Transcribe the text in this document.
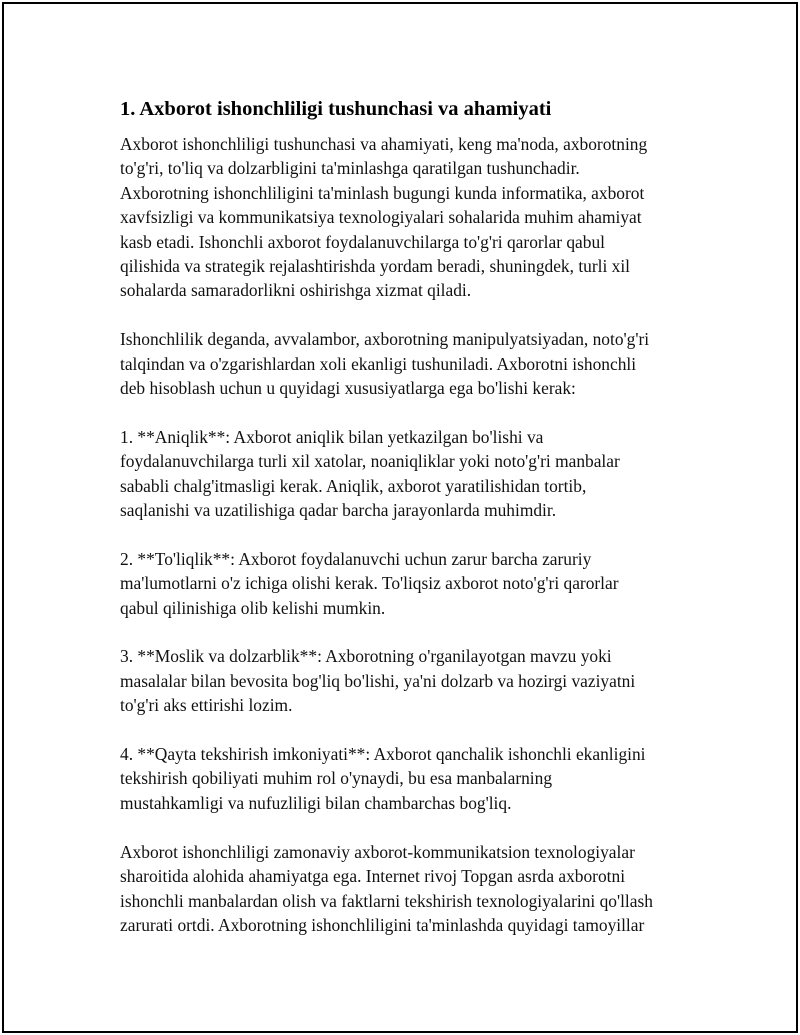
1. Axborot ishonchliligi tushunchasi va ahamiyati

Axborot ishonchliligi tushunchasi va ahamiyati, keng ma'noda, axborotning
to'g'ri, to'liq va dolzarbligini ta'minlashga qaratilgan tushunchadir.
Axborotning ishonchliligini ta'minlash bugungi kunda informatika, axborot
xavfsizligi va kommunikatsiya texnologiyalari sohalarida muhim ahamiyat
kasb etadi. Ishonchli axborot foydalanuvchilarga to'g'ri qarorlar qabul
qilishida va strategik rejalashtirishda yordam beradi, shuningdek, turli xil
sohalarda samaradorlikni oshirishga xizmat qiladi.

Ishonchlilik deganda, avvalambor, axborotning manipulyatsiyadan, noto'g'ri
talqindan va o'zgarishlardan xoli ekanligi tushuniladi. Axborotni ishonchli
deb hisoblash uchun u quyidagi xususiyatlarga ega bo'lishi kerak:

1. **Aniqlik**: Axborot aniqlik bilan yetkazilgan bo'lishi va
foydalanuvchilarga turli xil xatolar, noaniqliklar yoki noto'g'ri manbalar
sababli chalg'itmasligi kerak. Aniqlik, axborot yaratilishidan tortib,
saqlanishi va uzatilishiga qadar barcha jarayonlarda muhimdir.

2. **To'liqlik**: Axborot foydalanuvchi uchun zarur barcha zaruriy
ma'lumotlarni o'z ichiga olishi kerak. To'liqsiz axborot noto'g'ri qarorlar
qabul qilinishiga olib kelishi mumkin.

3. **Moslik va dolzarblik**: Axborotning o'rganilayotgan mavzu yoki
masalalar bilan bevosita bog'liq bo'lishi, ya'ni dolzarb va hozirgi vaziyatni
to'g'ri aks ettirishi lozim.

4. **Qayta tekshirish imkoniyati**: Axborot qanchalik ishonchli ekanligini
tekshirish qobiliyati muhim rol o'ynaydi, bu esa manbalarning
mustahkamligi va nufuzliligi bilan chambarchas bog'liq.

Axborot ishonchliligi zamonaviy axborot-kommunikatsion texnologiyalar
sharoitida alohida ahamiyatga ega. Internet rivoj Topgan asrda axborotni
ishonchli manbalardan olish va faktlarni tekshirish texnologiyalarini qo'llash
zarurati ortdi. Axborotning ishonchliligini ta'minlashda quyidagi tamoyillar
